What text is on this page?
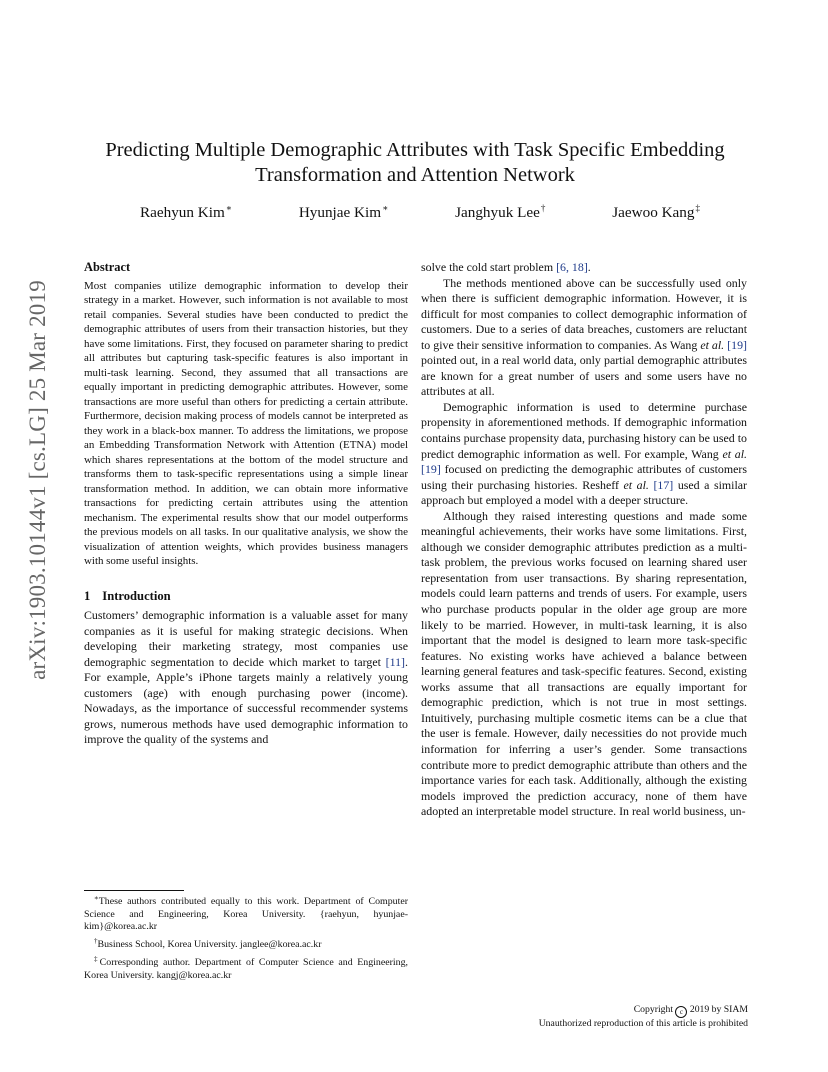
arXiv:1903.10144v1 [cs.LG] 25 Mar 2019
Predicting Multiple Demographic Attributes with Task Specific Embedding Transformation and Attention Network
Raehyun Kim∗	Hyunjae Kim∗	Janghyuk Lee†	Jaewoo Kang‡
Abstract

Most companies utilize demographic information to develop their strategy in a market. However, such information is not available to most retail companies. Several studies have been conducted to predict the demographic attributes of users from their transaction histories, but they have some limitations. First, they focused on parameter sharing to predict all attributes but capturing task-specific features is also important in multi-task learning. Second, they assumed that all transactions are equally important in predicting demographic attributes. However, some transactions are more useful than others for predicting a certain attribute. Furthermore, decision making process of models cannot be interpreted as they work in a black-box manner. To address the limitations, we propose an Embedding Transformation Network with Attention (ETNA) model which shares representations at the bottom of the model structure and transforms them to task-specific representations using a simple linear transformation method. In addition, we can obtain more informative transactions for predicting certain attributes using the attention mechanism. The experimental results show that our model outperforms the previous models on all tasks. In our qualitative analysis, we show the visualization of attention weights, which provides business managers with some useful insights.

1 Introduction

Customers’ demographic information is a valuable asset for many companies as it is useful for making strategic decisions. When developing their marketing strategy, most companies use demographic segmentation to decide which market to target [ 11 ] . For example, Apple’s iPhone targets mainly a relatively young customers (age) with enough purchasing power (income). Nowadays, as the importance of successful recommender systems grows, numerous methods have used demographic information to improve the quality of the systems and

solve the cold start problem [ 6, 18 ] .

The methods mentioned above can be successfully used only when there is sufficient demographic information. However, it is difficult for most companies to collect demographic information of customers. Due to a series of data breaches, customers are reluctant to give their sensitive information to companies. As Wang et al. [ 19 ] pointed out, in a real world data, only partial demographic attributes are known for a great number of users and some users have no attributes at all.

Demographic information is used to determine purchase propensity in aforementioned methods. If demographic information contains purchase propensity data, purchasing history can be used to predict demographic information as well. For example, Wang et al. [ 19 ] focused on predicting the demographic attributes of customers using their purchasing histories. Resheff et al. [ 17 ] used a similar approach but employed a model with a deeper structure.

Although they raised interesting questions and made some meaningful achievements, their works have some limitations. First, although we consider demographic attributes prediction as a multi-task problem, the previous works focused on learning shared user representation from user transactions. By sharing representation, models could learn patterns and trends of users. For example, users who purchase products popular in the older age group are more likely to be married. However, in multi-task learning, it is also important that the model is designed to learn more task-specific features. No existing works have achieved a balance between learning general features and task-specific features. Second, existing works assume that all transactions are equally important for demographic prediction, which is not true in most settings. Intuitively, purchasing multiple cosmetic items can be a clue that the user is female. However, daily necessities do not provide much information for inferring a user’s gender. Some transactions contribute more to predict demographic attribute than others and the importance varies for each task. Additionally, although the existing models improved the prediction accuracy, none of them have adopted an interpretable model structure. In real world business, un-

∗These authors contributed equally to this work. Department of Computer Science and Engineering, Korea University. {raehyun, hyunjae-kim}@korea.ac.kr

†Business School, Korea University. janglee@korea.ac.kr

‡Corresponding author. Department of Computer Science and Engineering, Korea University. kangj@korea.ac.kr

Copyright c 2019 by SIAM
Unauthorized reproduction of this article is prohibited
